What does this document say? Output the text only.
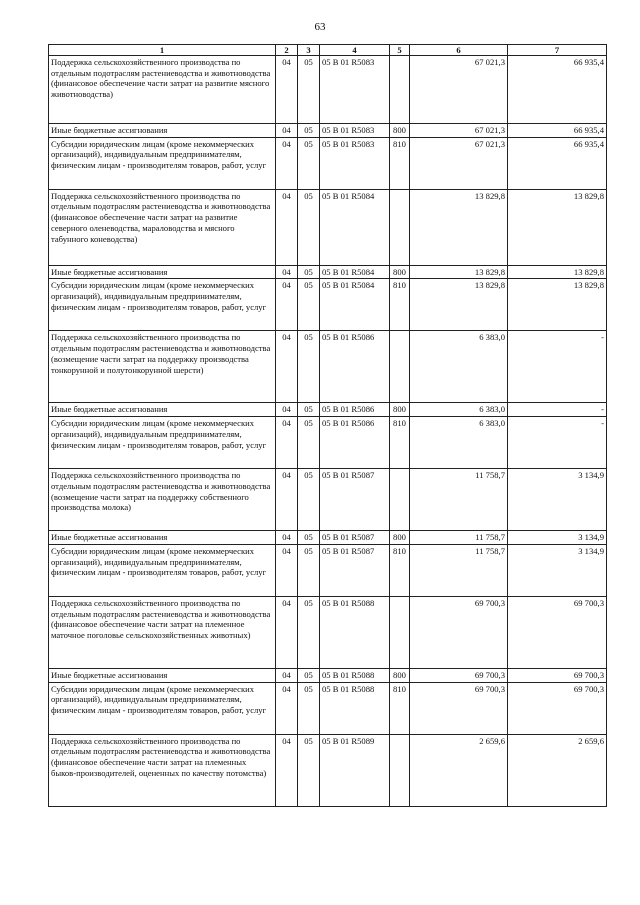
63
1	2	3	4	5	6	7
Поддержка сельскохозяйственного производства по отдельным подотраслям растениеводства и животноводства (финансовое обеспечение части затрат на развитие мясного животноводства)	04	05	05 В 01 R5083		67 021,3	66 935,4
Иные бюджетные ассигнования	04	05	05 В 01 R5083	800	67 021,3	66 935,4
Субсидии юридическим лицам (кроме некоммерческих организаций), индивидуальным предпринимателям, физическим лицам - производителям товаров, работ, услуг	04	05	05 В 01 R5083	810	67 021,3	66 935,4
Поддержка сельскохозяйственного производства по отдельным подотраслям растениеводства и животноводства (финансовое обеспечение части затрат на развитие северного оленеводства, мараловодства и мясного табунного коневодства)	04	05	05 В 01 R5084		13 829,8	13 829,8
Иные бюджетные ассигнования	04	05	05 В 01 R5084	800	13 829,8	13 829,8
Субсидии юридическим лицам (кроме некоммерческих организаций), индивидуальным предпринимателям, физическим лицам - производителям товаров, работ, услуг	04	05	05 В 01 R5084	810	13 829,8	13 829,8
Поддержка сельскохозяйственного производства по отдельным подотраслям растениеводства и животноводства (возмещение части затрат на поддержку производства тонкорунной и полутонкорунной шерсти)	04	05	05 В 01 R5086		6 383,0	-
Иные бюджетные ассигнования	04	05	05 В 01 R5086	800	6 383,0	-
Субсидии юридическим лицам (кроме некоммерческих организаций), индивидуальным предпринимателям, физическим лицам - производителям товаров, работ, услуг	04	05	05 В 01 R5086	810	6 383,0	-
Поддержка сельскохозяйственного производства по отдельным подотраслям растениеводства и животноводства (возмещение части затрат на поддержку собственного производства молока)	04	05	05 В 01 R5087		11 758,7	3 134,9
Иные бюджетные ассигнования	04	05	05 В 01 R5087	800	11 758,7	3 134,9
Субсидии юридическим лицам (кроме некоммерческих организаций), индивидуальным предпринимателям, физическим лицам - производителям товаров, работ, услуг	04	05	05 В 01 R5087	810	11 758,7	3 134,9
Поддержка сельскохозяйственного производства по отдельным подотраслям растениеводства и животноводства (финансовое обеспечение части затрат на племенное маточное поголовье сельскохозяйственных животных)	04	05	05 В 01 R5088		69 700,3	69 700,3
Иные бюджетные ассигнования	04	05	05 В 01 R5088	800	69 700,3	69 700,3
Субсидии юридическим лицам (кроме некоммерческих организаций), индивидуальным предпринимателям, физическим лицам - производителям товаров, работ, услуг	04	05	05 В 01 R5088	810	69 700,3	69 700,3
Поддержка сельскохозяйственного производства по отдельным подотраслям растениеводства и животноводства (финансовое обеспечение части затрат на племенных быков-производителей, оцененных по качеству потомства)	04	05	05 В 01 R5089		2 659,6	2 659,6
